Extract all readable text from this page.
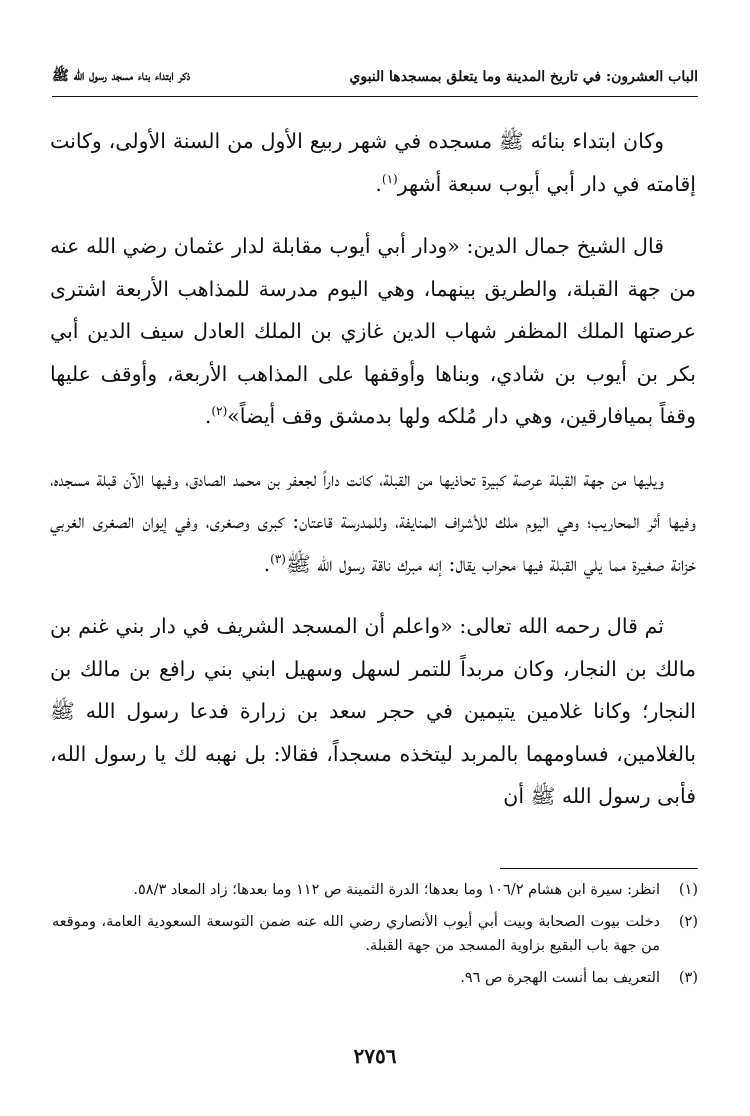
الباب العشرون: في تاريخ المدينة وما يتعلق بمسجدها النبوي
ذكر ابتداء بناء مسجد رسول الله ﷺ

وكان ابتداء بنائه ﷺ مسجده في شهر ربيع الأول من السنة الأولى، وكانت إقامته في دار أبي أيوب سبعة أشهر$^{(١)}$.

قال الشيخ جمال الدين: «ودار أبي أيوب مقابلة لدار عثمان رضي الله عنه من جهة القبلة، والطريق بينهما، وهي اليوم مدرسة للمذاهب الأربعة اشترى عرصتها الملك المظفر شهاب الدين غازي بن الملك العادل سيف الدين أبي بكر بن أيوب بن شادي، وبناها وأوقفها على المذاهب الأربعة، وأوقف عليها وقفاً بميافارقين، وهي دار مُلكه ولها بدمشق وقف أيضاً»$^{(٢)}$.

ويليها من جهة القبلة عرصة كبيرة تحاذيها من القبلة، كانت داراً لجعفر بن محمد الصادق، وفيها الآن قبلة مسجده، وفيها أثر المحاريب؛ وهي اليوم ملك للأشراف المنايفة، وللمدرسة قاعتان: كبرى وصغرى، وفي إيوان الصغرى الغربي خزانة صغيرة مما يلي القبلة فيها محراب يقال: إنه مبرك ناقة رسول الله ﷺ$^{(٣)}$.

ثم قال رحمه الله تعالى: «واعلم أن المسجد الشريف في دار بني غنم بن مالك بن النجار، وكان مربداً للتمر لسهل وسهيل ابني بني رافع بن مالك بن النجار؛ وكانا غلامين يتيمين في حجر سعد بن زرارة فدعا رسول الله ﷺ بالغلامين، فساومهما بالمربد ليتخذه مسجداً، فقالا: بل نهبه لك يا رسول الله، فأبى رسول الله ﷺ أن

(١)
انظر: سيرة ابن هشام ١٠٦/٢ وما بعدها؛ الدرة الثمينة ص ١١٢ وما بعدها؛ زاد المعاد ٥٨/٣.
(٢)
دخلت بيوت الصحابة وبيت أبي أيوب الأنصاري رضي الله عنه ضمن التوسعة السعودية العامة، وموقعه من جهة باب البقيع بزاوية المسجد من جهة القبلة.
(٣)
التعريف بما أنست الهجرة ص ٩٦.
٢٧٥٦
